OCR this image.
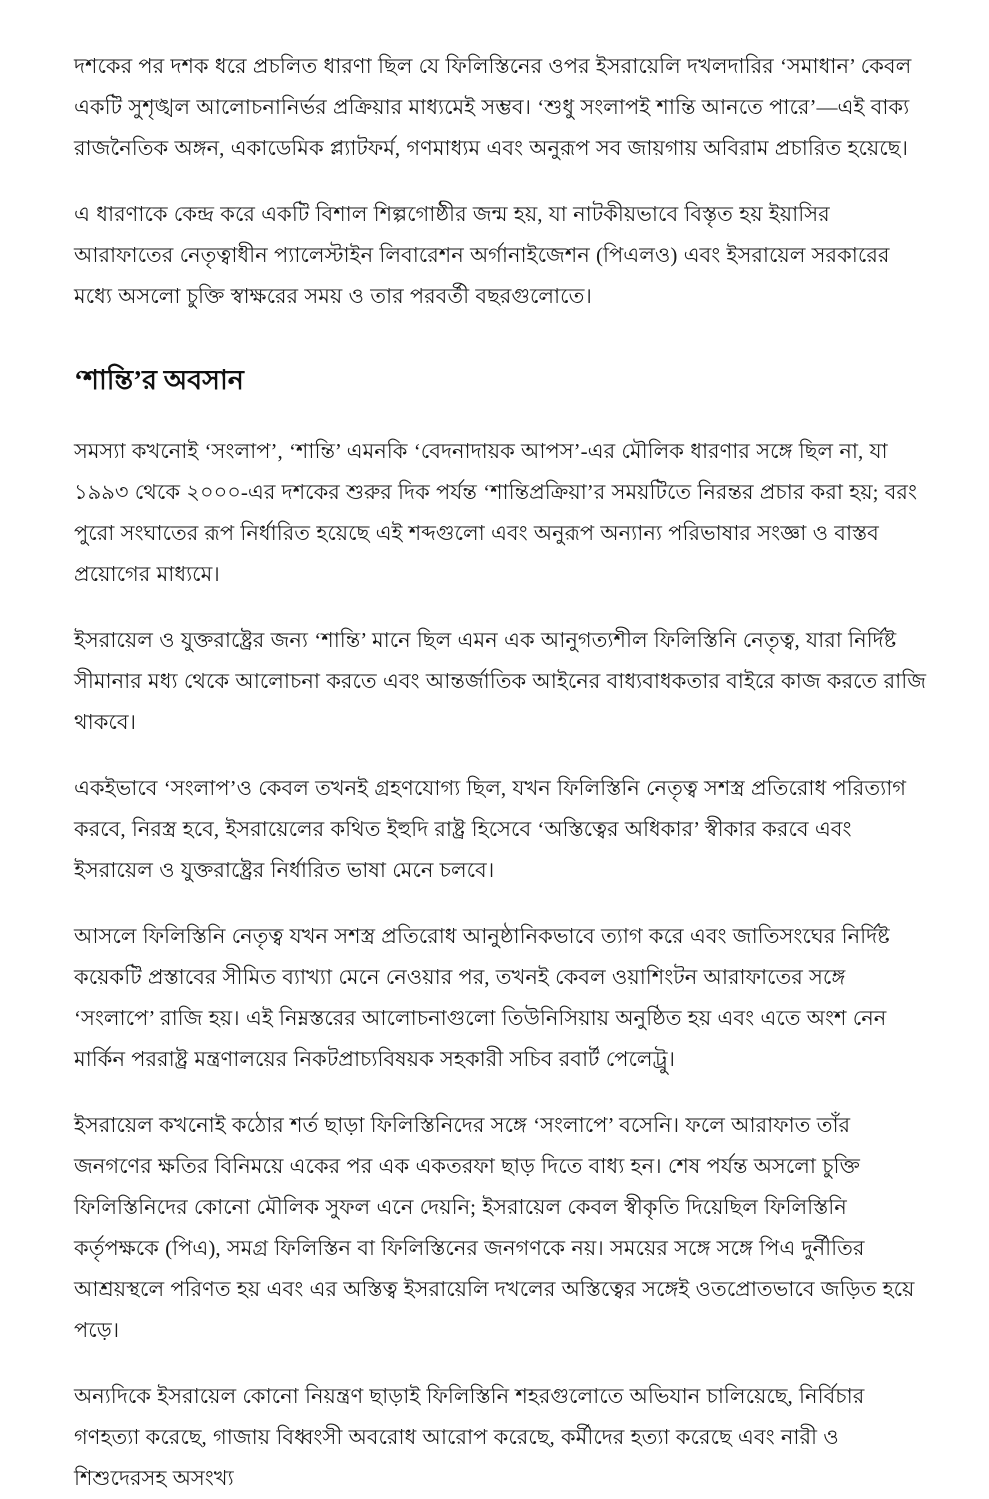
দশকের পর দশক ধরে প্রচলিত ধারণা ছিল যে ফিলিস্তিনের ওপর ইসরায়েলি দখলদারির ‘সমাধান’ কেবল একটি সুশৃঙ্খল আলোচনানির্ভর প্রক্রিয়ার মাধ্যমেই সম্ভব। ‘শুধু সংলাপই শান্তি আনতে পারে’—এই বাক্য রাজনৈতিক অঙ্গন, একাডেমিক প্ল্যাটফর্ম, গণমাধ্যম এবং অনুরূপ সব জায়গায় অবিরাম প্রচারিত হয়েছে।

এ ধারণাকে কেন্দ্র করে একটি বিশাল শিল্পগোষ্ঠীর জন্ম হয়, যা নাটকীয়ভাবে বিস্তৃত হয় ইয়াসির আরাফাতের নেতৃত্বাধীন প্যালেস্টাইন লিবারেশন অর্গানাইজেশন (পিএলও) এবং ইসরায়েল সরকারের মধ্যে অসলো চুক্তি স্বাক্ষরের সময় ও তার পরবর্তী বছরগুলোতে।

‘শান্তি’র অবসান

সমস্যা কখনোই ‘সংলাপ’, ‘শান্তি’ এমনকি ‘বেদনাদায়ক আপস’-এর মৌলিক ধারণার সঙ্গে ছিল না, যা ১৯৯৩ থেকে ২০০০-এর দশকের শুরুর দিক পর্যন্ত ‘শান্তিপ্রক্রিয়া’র সময়টিতে নিরন্তর প্রচার করা হয়; বরং পুরো সংঘাতের রূপ নির্ধারিত হয়েছে এই শব্দগুলো এবং অনুরূপ অন্যান্য পরিভাষার সংজ্ঞা ও বাস্তব প্রয়োগের মাধ্যমে।

ইসরায়েল ও যুক্তরাষ্ট্রের জন্য ‘শান্তি’ মানে ছিল এমন এক আনুগত্যশীল ফিলিস্তিনি নেতৃত্ব, যারা নির্দিষ্ট সীমানার মধ্য থেকে আলোচনা করতে এবং আন্তর্জাতিক আইনের বাধ্যবাধকতার বাইরে কাজ করতে রাজি থাকবে।

একইভাবে ‘সংলাপ’ও কেবল তখনই গ্রহণযোগ্য ছিল, যখন ফিলিস্তিনি নেতৃত্ব সশস্ত্র প্রতিরোধ পরিত্যাগ করবে, নিরস্ত্র হবে, ইসরায়েলের কথিত ইহুদি রাষ্ট্র হিসেবে ‘অস্তিত্বের অধিকার’ স্বীকার করবে এবং ইসরায়েল ও যুক্তরাষ্ট্রের নির্ধারিত ভাষা মেনে চলবে।

আসলে ফিলিস্তিনি নেতৃত্ব যখন সশস্ত্র প্রতিরোধ আনুষ্ঠানিকভাবে ত্যাগ করে এবং জাতিসংঘের নির্দিষ্ট কয়েকটি প্রস্তাবের সীমিত ব্যাখ্যা মেনে নেওয়ার পর, তখনই কেবল ওয়াশিংটন আরাফাতের সঙ্গে ‘সংলাপে’ রাজি হয়। এই নিম্নস্তরের আলোচনাগুলো তিউনিসিয়ায় অনুষ্ঠিত হয় এবং এতে অংশ নেন মার্কিন পররাষ্ট্র মন্ত্রণালয়ের নিকটপ্রাচ্যবিষয়ক সহকারী সচিব রবার্ট পেলেট্রু।

ইসরায়েল কখনোই কঠোর শর্ত ছাড়া ফিলিস্তিনিদের সঙ্গে ‘সংলাপে’ বসেনি। ফলে আরাফাত তাঁর জনগণের ক্ষতির বিনিময়ে একের পর এক একতরফা ছাড় দিতে বাধ্য হন। শেষ পর্যন্ত অসলো চুক্তি ফিলিস্তিনিদের কোনো মৌলিক সুফল এনে দেয়নি; ইসরায়েল কেবল স্বীকৃতি দিয়েছিল ফিলিস্তিনি কর্তৃপক্ষকে (পিএ), সমগ্র ফিলিস্তিন বা ফিলিস্তিনের জনগণকে নয়। সময়ের সঙ্গে সঙ্গে পিএ দুর্নীতির আশ্রয়স্থলে পরিণত হয় এবং এর অস্তিত্ব ইসরায়েলি দখলের অস্তিত্বের সঙ্গেই ওতপ্রোতভাবে জড়িত হয়ে পড়ে।

অন্যদিকে ইসরায়েল কোনো নিয়ন্ত্রণ ছাড়াই ফিলিস্তিনি শহরগুলোতে অভিযান চালিয়েছে, নির্বিচার গণহত্যা করেছে, গাজায় বিধ্বংসী অবরোধ আরোপ করেছে, কর্মীদের হত্যা করেছে এবং নারী ও শিশুদেরসহ অসংখ্য
